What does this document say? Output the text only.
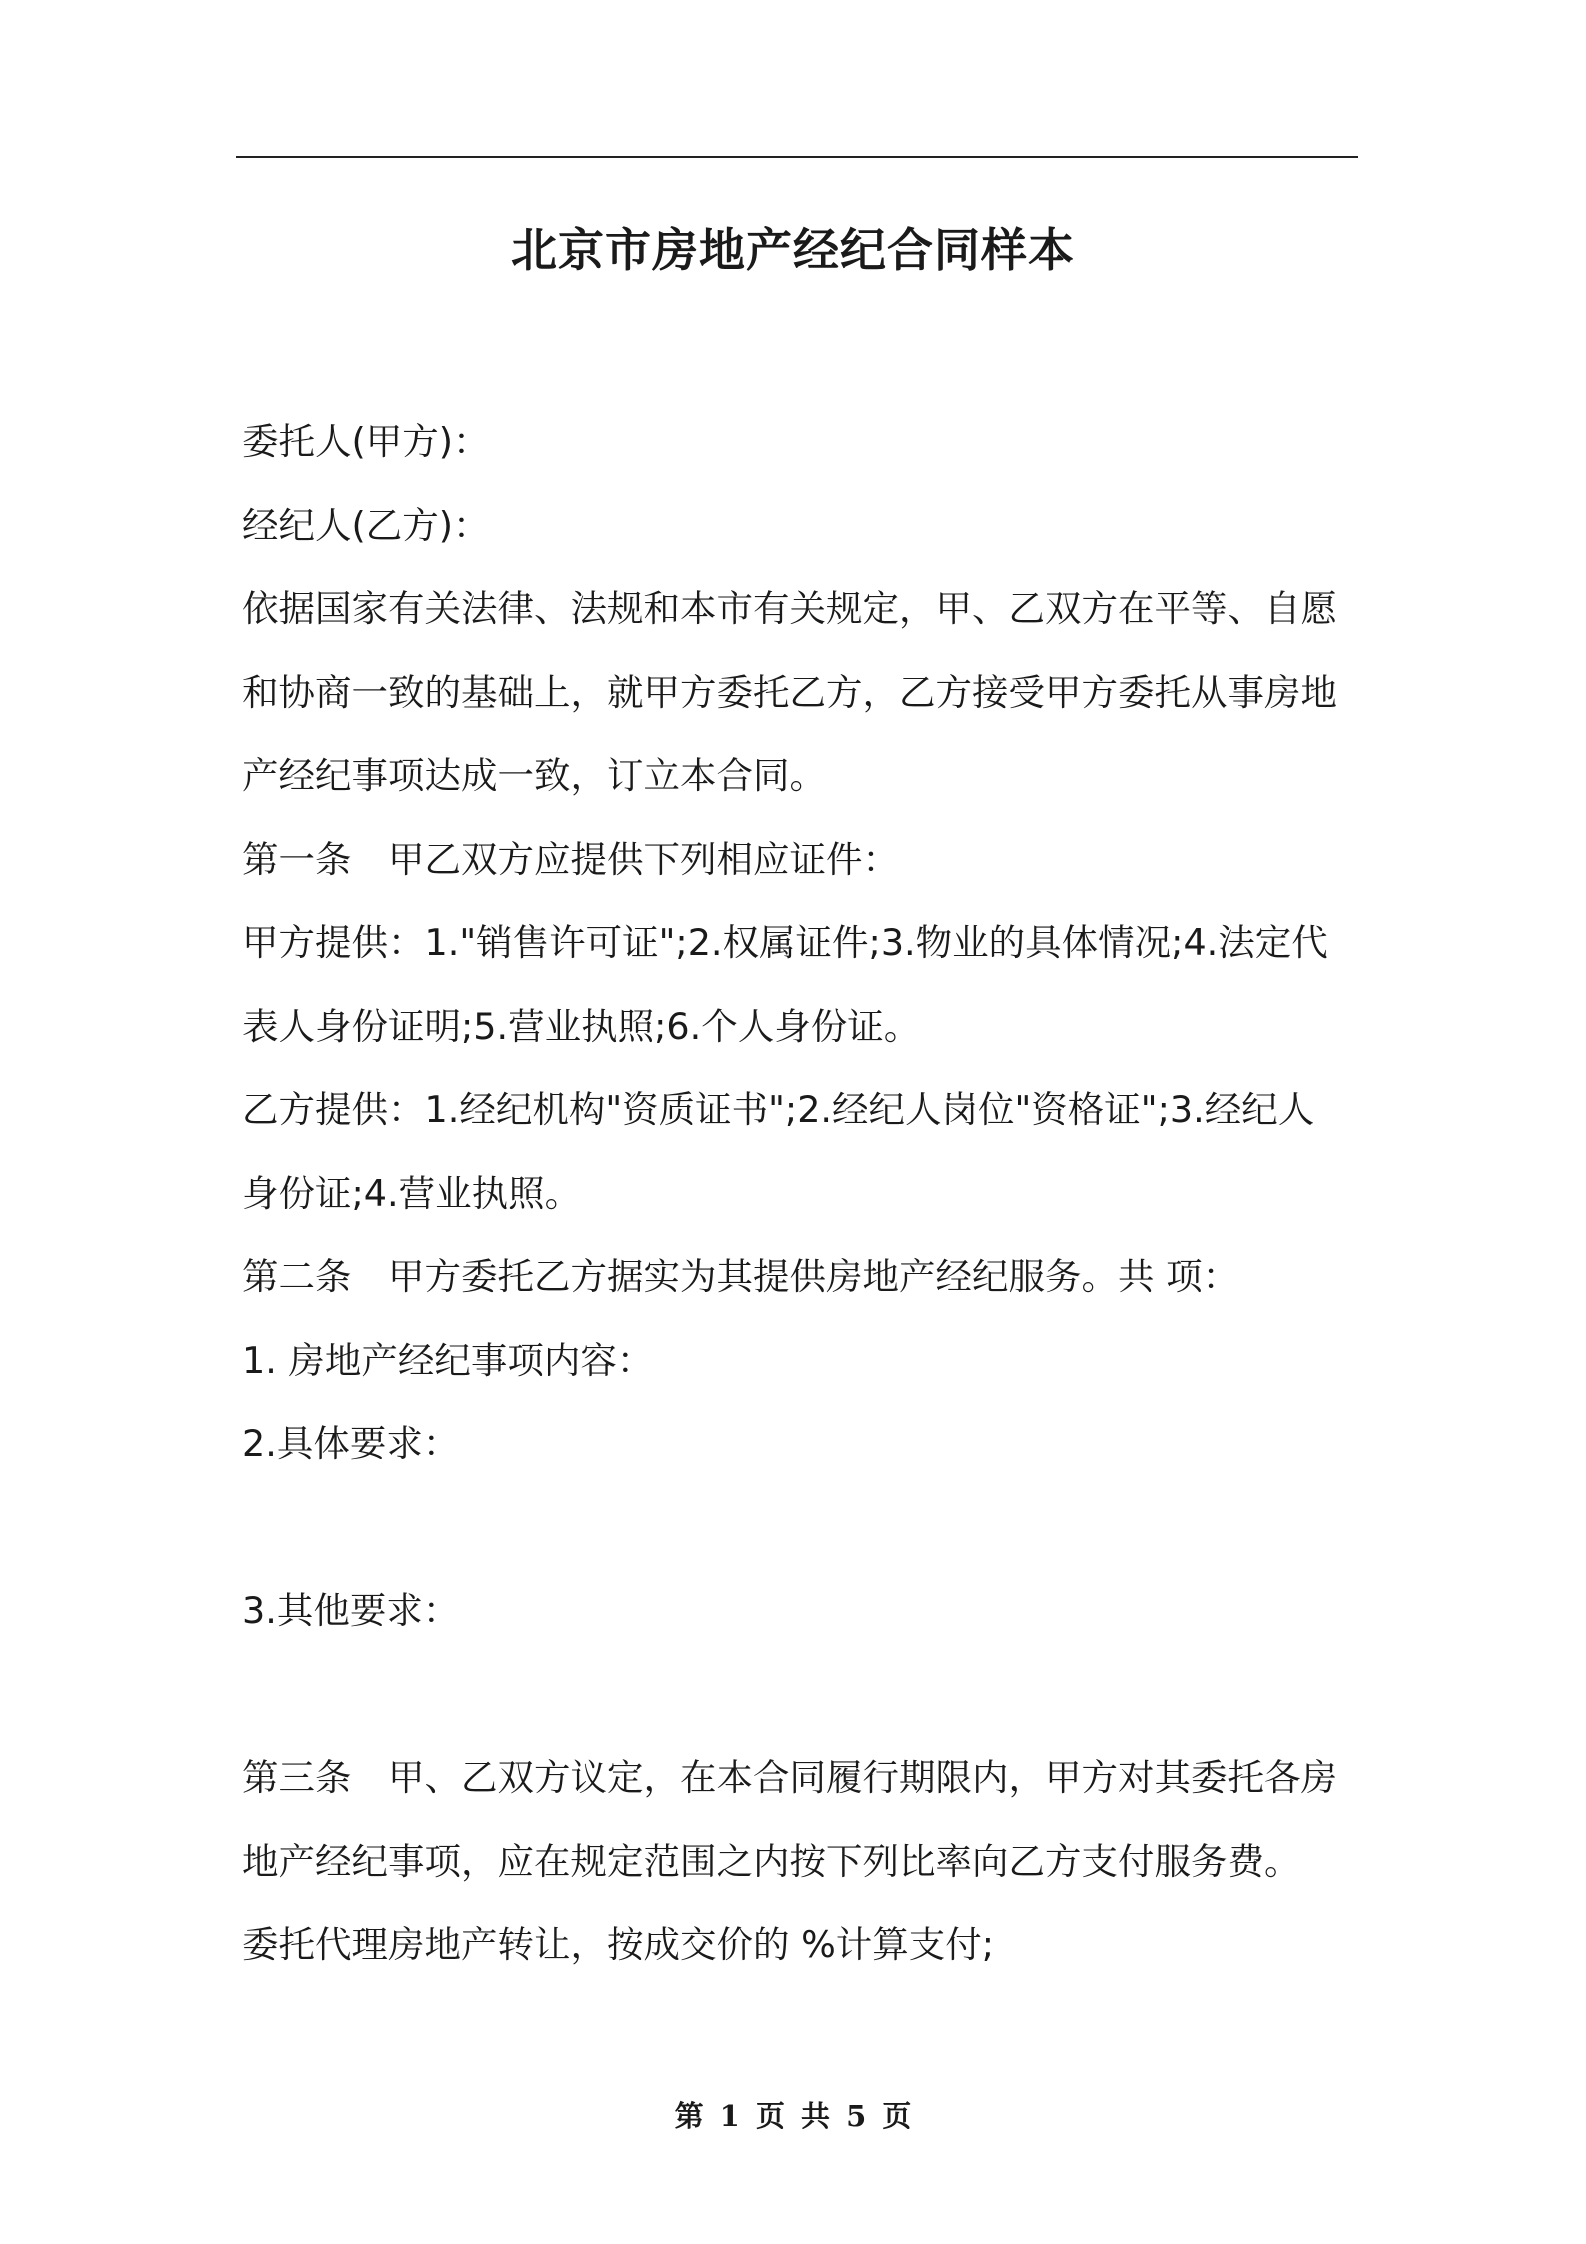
北京市房地产经纪合同样本
委托人(甲方)：
经纪人(乙方)：
依据国家有关法律、法规和本市有关规定，甲、乙双方在平等、自愿
和协商一致的基础上，就甲方委托乙方，乙方接受甲方委托从事房地
产经纪事项达成一致，订立本合同。
第一条　甲乙双方应提供下列相应证件：
甲方提供：1."销售许可证";2.权属证件;3.物业的具体情况;4.法定代
表人身份证明;5.营业执照;6.个人身份证。
乙方提供：1.经纪机构"资质证书";2.经纪人岗位"资格证";3.经纪人
身份证;4.营业执照。
第二条　甲方委托乙方据实为其提供房地产经纪服务。共 项：
1. 房地产经纪事项内容：
2.具体要求：
3.其他要求：
第三条　甲、乙双方议定，在本合同履行期限内，甲方对其委托各房
地产经纪事项，应在规定范围之内按下列比率向乙方支付服务费。
委托代理房地产转让，按成交价的 %计算支付;
第 1 页 共 5 页
